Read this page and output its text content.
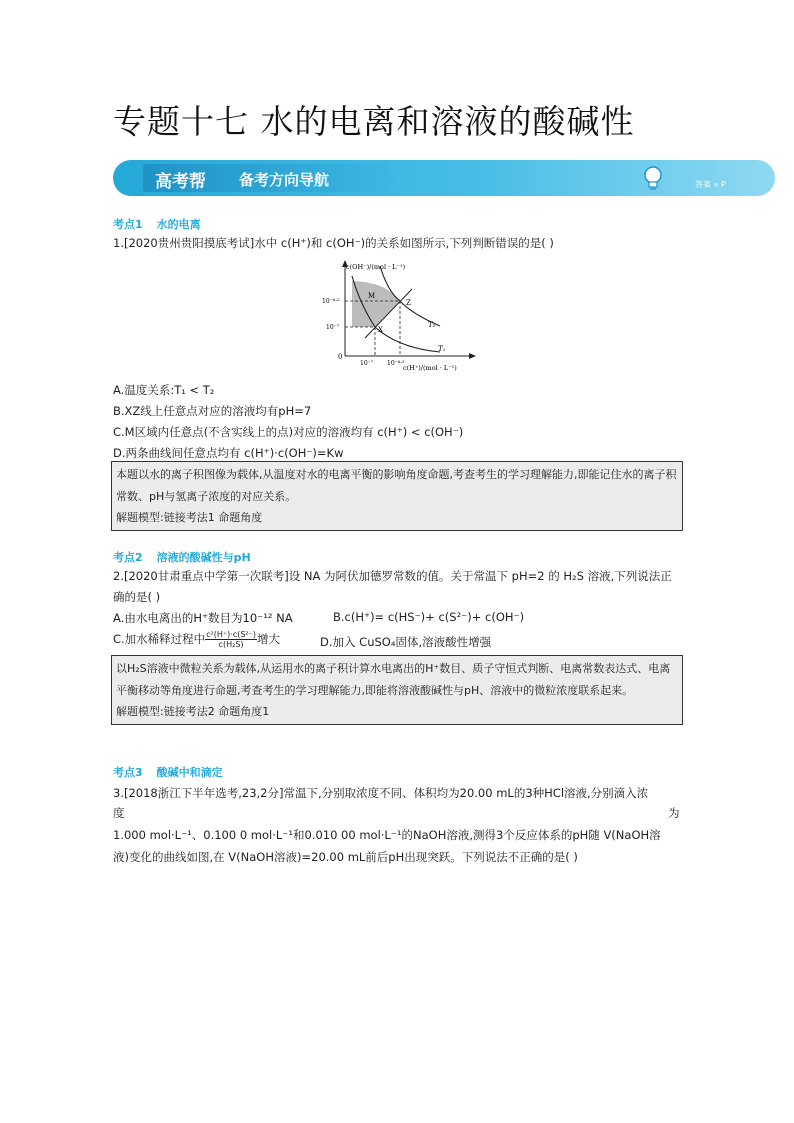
专题十七 水的电离和溶液的酸碱性
高考帮 备考方向导航	答案 » P
考点1 水的电离
1.[2020贵州贵阳摸底考试]水中 c(H⁺)和 c(OH⁻)的关系如图所示,下列判断错误的是( )
c(OH⁻)/(mol · L⁻¹)
c(H⁺)/(mol · L⁻¹)
10⁻⁶·⁵
10⁻⁷
10⁻⁷ 10⁻⁶·⁵
0
M
Z
X
T₂
T₁
A.温度关系:T₁ < T₂
B.XZ线上任意点对应的溶液均有pH=7
C.M区域内任意点(不含实线上的点)对应的溶液均有 c(H⁺) < c(OH⁻)
D.两条曲线间任意点均有 c(H⁺)·c(OH⁻)=Kw
本题以水的离子积图像为载体,从温度对水的电离平衡的影响角度命题,考查考生的学习理解能力,即能记住水的离子积常数、pH与氢离子浓度的对应关系。
解题模型:链接考法1 命题角度
考点2 溶液的酸碱性与pH
2.[2020甘肃重点中学第一次联考]设 NA 为阿伏加德罗常数的值。关于常温下 pH=2 的 H₂S 溶液,下列说法正
确的是( )
A.由水电离出的H⁺数目为10⁻¹² NA	B.c(H⁺)= c(HS⁻)+ c(S²⁻)+ c(OH⁻)
C.加水稀释过程中 $\frac{\text{c²(H⁺)·c(S²⁻)}}{\text{c(H₂S)}}$ 增大	D.加入 CuSO₄固体,溶液酸性增强
以H₂S溶液中微粒关系为载体,从运用水的离子积计算水电离出的H⁺数目、质子守恒式判断、电离常数表达式、电离平衡移动等角度进行命题,考查考生的学习理解能力,即能将溶液酸碱性与pH、溶液中的微粒浓度联系起来。
解题模型:链接考法2 命题角度1
考点3 酸碱中和滴定
3.[2018浙江下半年选考,23,2分]常温下,分别取浓度不同、体积均为20.00 mL的3种HCl溶液,分别滴入浓
度	为
1.000 mol·L⁻¹、0.100 0 mol·L⁻¹和0.010 00 mol·L⁻¹的NaOH溶液,测得3个反应体系的pH随 V(NaOH溶
液)变化的曲线如图,在 V(NaOH溶液)=20.00 mL前后pH出现突跃。下列说法不正确的是( )
